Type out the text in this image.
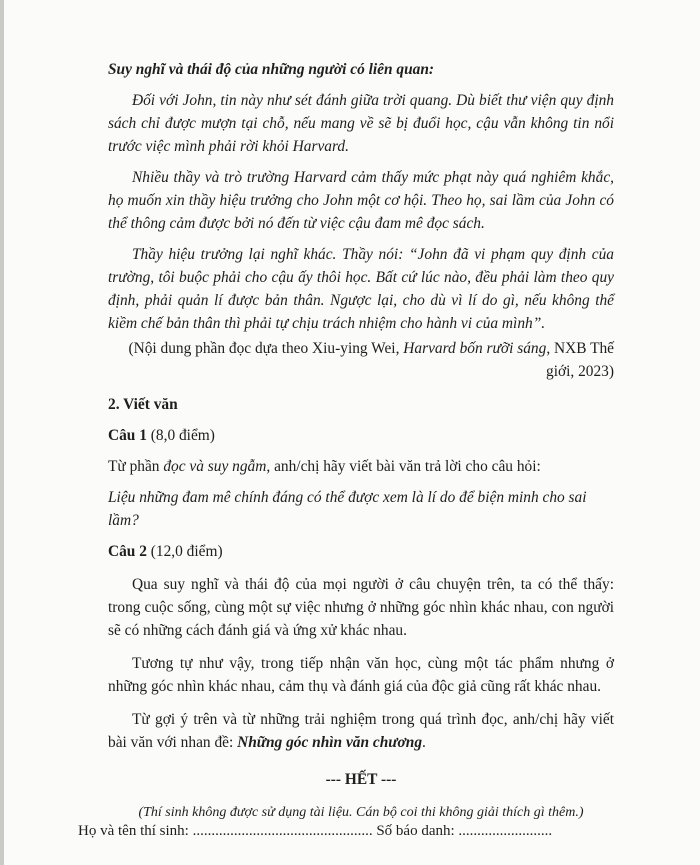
Suy nghĩ và thái độ của những người có liên quan:

Đối với John, tin này như sét đánh giữa trời quang. Dù biết thư viện quy định sách chỉ được mượn tại chỗ, nếu mang về sẽ bị đuổi học, cậu vẫn không tin nổi trước việc mình phải rời khỏi Harvard.

Nhiều thầy và trò trường Harvard cảm thấy mức phạt này quá nghiêm khắc, họ muốn xin thầy hiệu trưởng cho John một cơ hội. Theo họ, sai lầm của John có thể thông cảm được bởi nó đến từ việc cậu đam mê đọc sách.

Thầy hiệu trưởng lại nghĩ khác. Thầy nói: “John đã vi phạm quy định của trường, tôi buộc phải cho cậu ấy thôi học. Bất cứ lúc nào, đều phải làm theo quy định, phải quản lí được bản thân. Ngược lại, cho dù vì lí do gì, nếu không thể kiềm chế bản thân thì phải tự chịu trách nhiệm cho hành vi của mình”.

(Nội dung phần đọc dựa theo Xiu-ying Wei, Harvard bốn rưỡi sáng, NXB Thế giới, 2023)

2. Viết văn

Câu 1 (8,0 điểm)

Từ phần đọc và suy ngẫm, anh/chị hãy viết bài văn trả lời cho câu hỏi:

Liệu những đam mê chính đáng có thể được xem là lí do để biện minh cho sai lầm?

Câu 2 (12,0 điểm)

Qua suy nghĩ và thái độ của mọi người ở câu chuyện trên, ta có thể thấy: trong cuộc sống, cùng một sự việc nhưng ở những góc nhìn khác nhau, con người sẽ có những cách đánh giá và ứng xử khác nhau.

Tương tự như vậy, trong tiếp nhận văn học, cùng một tác phẩm nhưng ở những góc nhìn khác nhau, cảm thụ và đánh giá của độc giả cũng rất khác nhau.

Từ gợi ý trên và từ những trải nghiệm trong quá trình đọc, anh/chị hãy viết bài văn với nhan đề: Những góc nhìn văn chương.

--- HẾT ---

(Thí sinh không được sử dụng tài liệu. Cán bộ coi thi không giải thích gì thêm.)

Họ và tên thí sinh: ................................................ Số báo danh: .........................
